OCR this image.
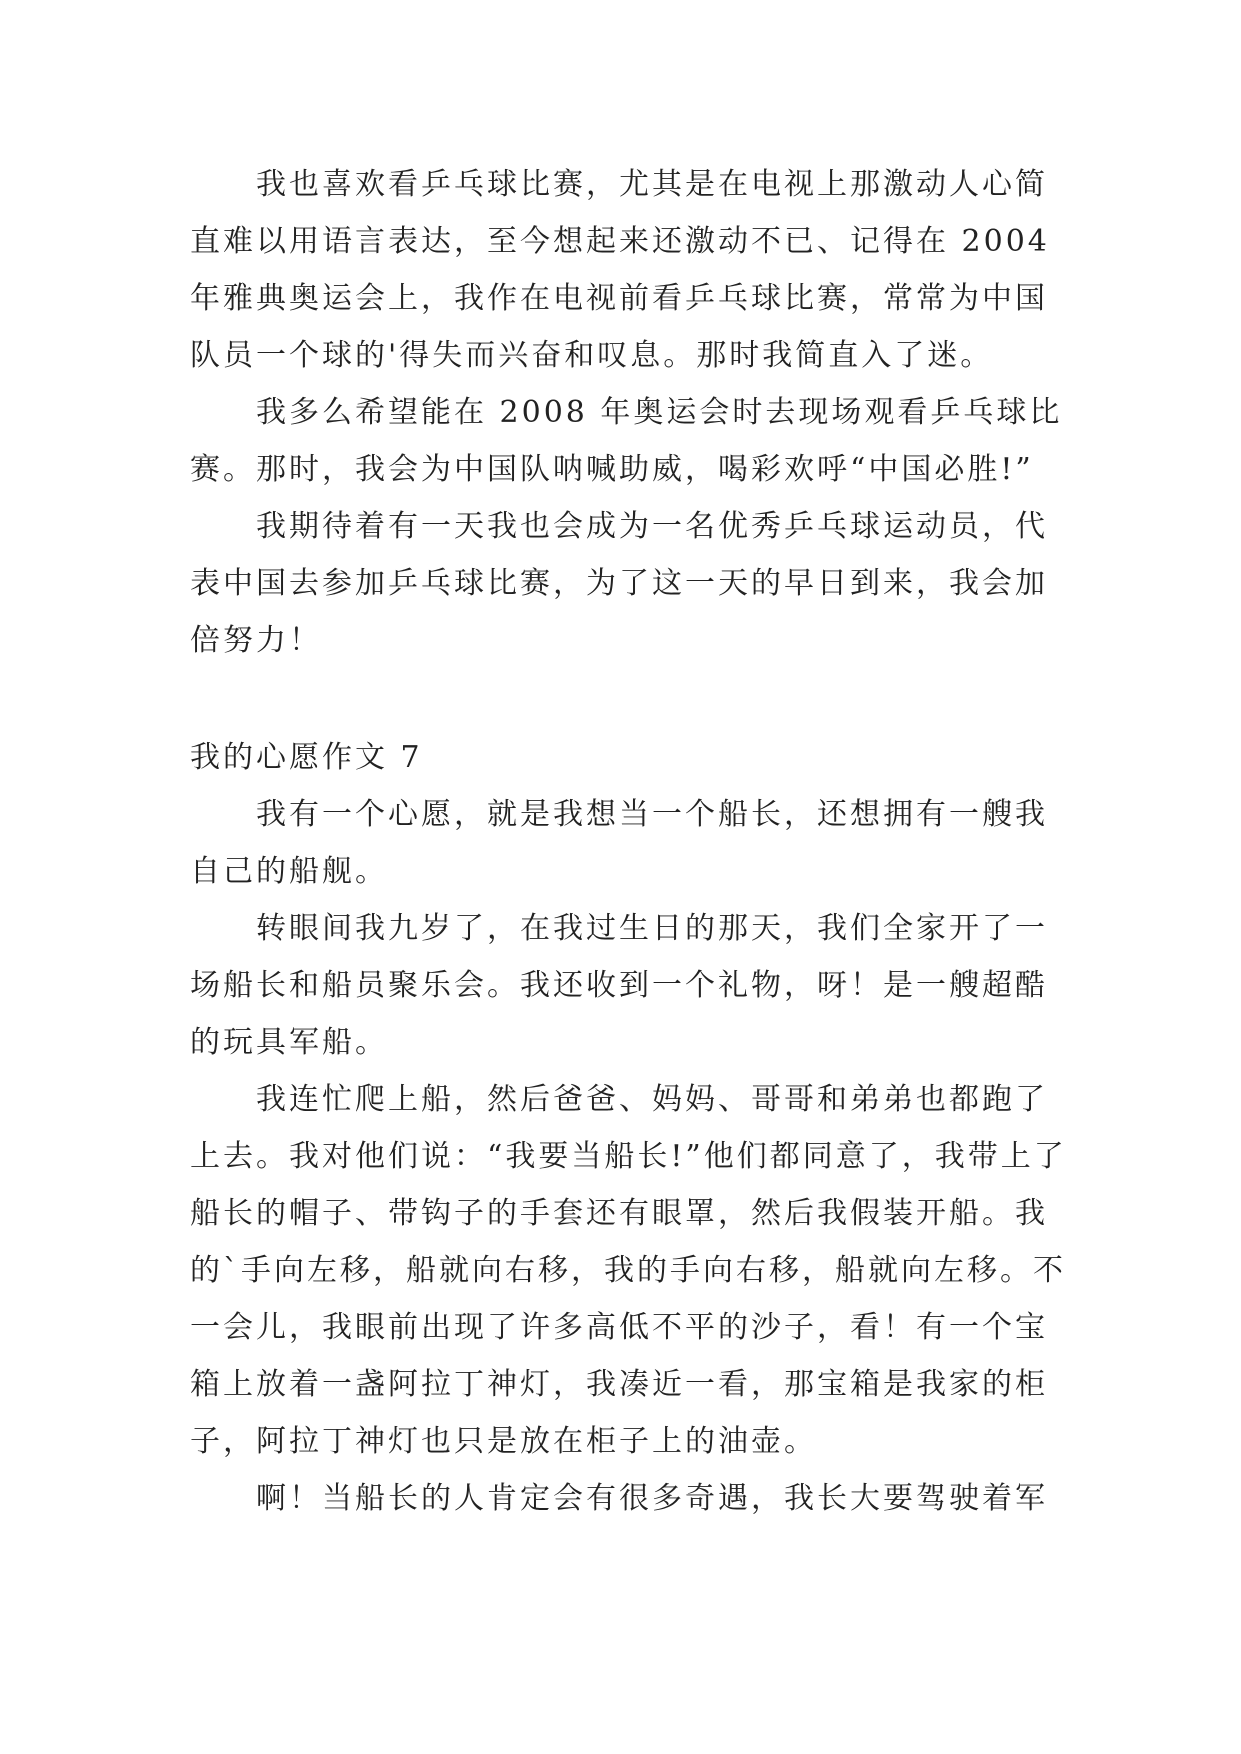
我也喜欢看乒乓球比赛，尤其是在电视上那激动人心简直难以用语言表达，至今想起来还激动不已、记得在 2004 年雅典奥运会上，我作在电视前看乒乓球比赛，常常为中国队员一个球的'得失而兴奋和叹息。那时我简直入了迷。

我多么希望能在 2008 年奥运会时去现场观看乒乓球比赛。那时，我会为中国队呐喊助威，喝彩欢呼“中国必胜!”

我期待着有一天我也会成为一名优秀乒乓球运动员，代表中国去参加乒乓球比赛，为了这一天的早日到来，我会加倍努力！

我的心愿作文 7

我有一个心愿，就是我想当一个船长，还想拥有一艘我自己的船舰。

转眼间我九岁了，在我过生日的那天，我们全家开了一场船长和船员聚乐会。我还收到一个礼物，呀！是一艘超酷的玩具军船。

我连忙爬上船，然后爸爸、妈妈、哥哥和弟弟也都跑了上去。我对他们说：“我要当船长!”他们都同意了，我带上了船长的帽子、带钩子的手套还有眼罩，然后我假装开船。我的`手向左移，船就向右移，我的手向右移，船就向左移。不一会儿，我眼前出现了许多高低不平的沙子，看！有一个宝箱上放着一盏阿拉丁神灯，我凑近一看，那宝箱是我家的柜子，阿拉丁神灯也只是放在柜子上的油壶。

啊！当船长的人肯定会有很多奇遇，我长大要驾驶着军
